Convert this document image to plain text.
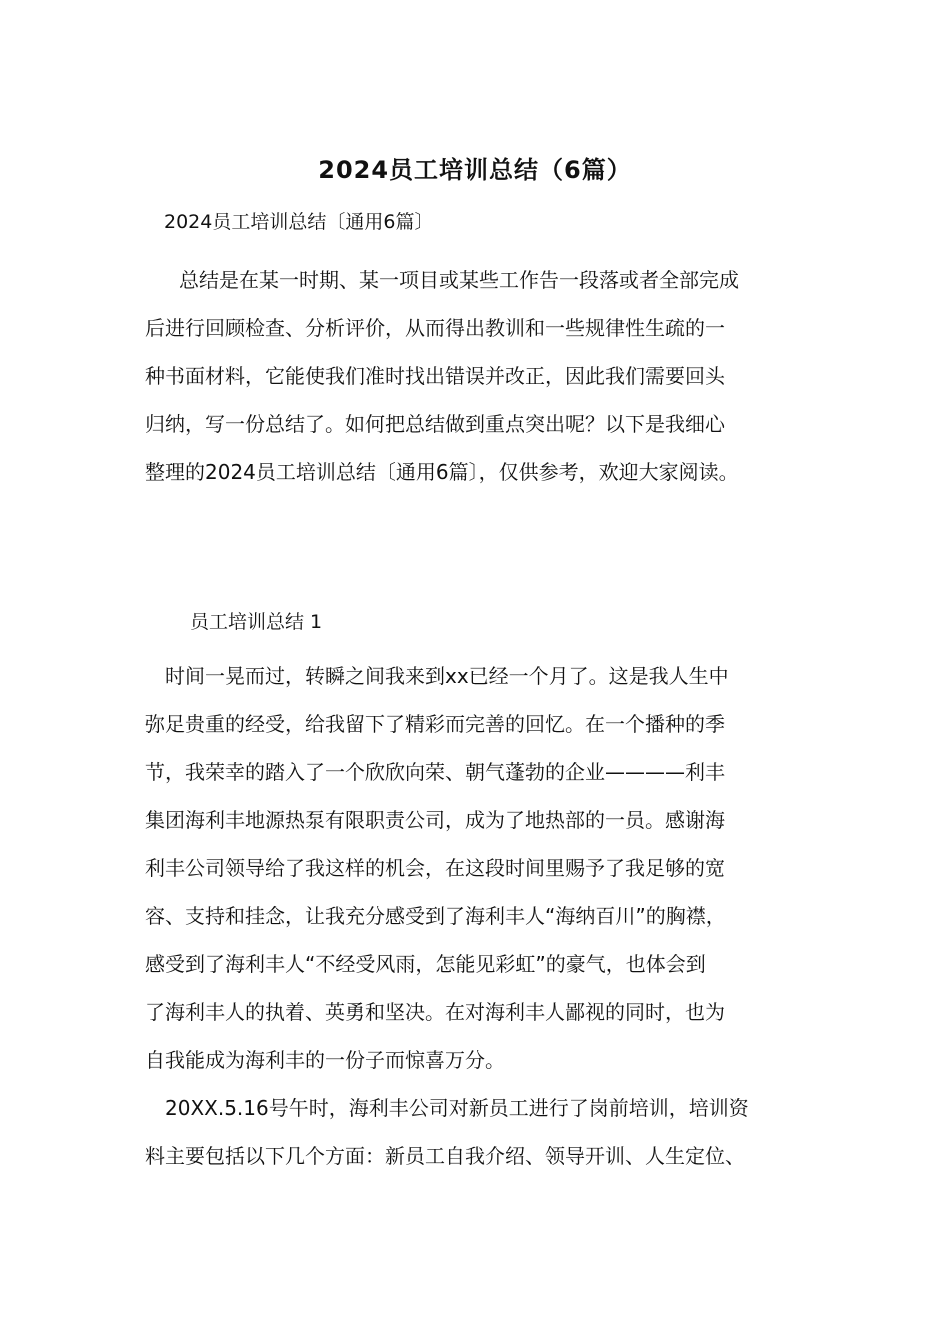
2024员工培训总结（6篇）
2024员工培训总结〔通用6篇〕
总结是在某一时期、某一项目或某些工作告一段落或者全部完成
后进行回顾检查、分析评价，从而得出教训和一些规律性生疏的一
种书面材料，它能使我们准时找出错误并改正，因此我们需要回头
归纳，写一份总结了。如何把总结做到重点突出呢？以下是我细心
整理的2024员工培训总结〔通用6篇〕，仅供参考，欢迎大家阅读。
员工培训总结 1
时间一晃而过，转瞬之间我来到xx已经一个月了。这是我人生中
弥足贵重的经受，给我留下了精彩而完善的回忆。在一个播种的季
节，我荣幸的踏入了一个欣欣向荣、朝气蓬勃的企业————利丰
集团海利丰地源热泵有限职责公司，成为了地热部的一员。感谢海
利丰公司领导给了我这样的机会，在这段时间里赐予了我足够的宽
容、支持和挂念，让我充分感受到了海利丰人“海纳百川”的胸襟，
感受到了海利丰人“不经受风雨，怎能见彩虹”的豪气，也体会到
了海利丰人的执着、英勇和坚决。在对海利丰人鄙视的同时，也为
自我能成为海利丰的一份子而惊喜万分。
20XX.5.16号午时，海利丰公司对新员工进行了岗前培训，培训资
料主要包括以下几个方面：新员工自我介绍、领导开训、人生定位、
